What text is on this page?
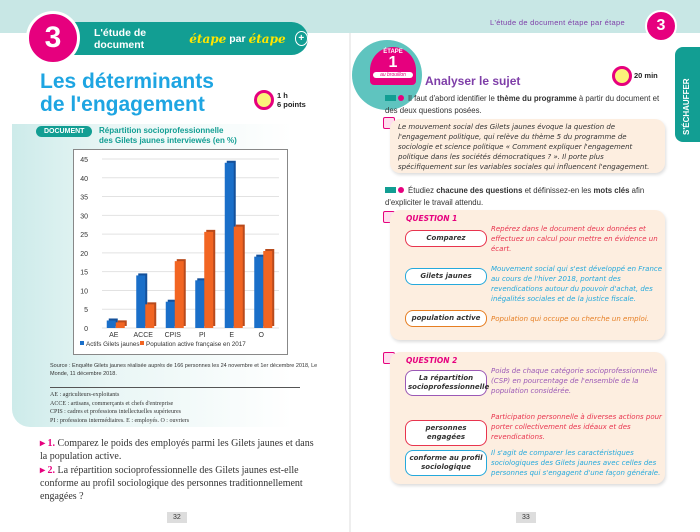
L'étude de document	étape par étape	+
3
Les déterminants
de l'engagement	1 h
6 points
DOCUMENT	Répartition socioprofessionnelle
des Gilets jaunes interviewés (en %)
0
5
10
15
20
25
30
35
40
45
AE ACCE CPIS	PI	E	O
Actifs Gilets jaunes Population active française en 2017
Source : Enquête Gilets jaunes réalisée auprès de 166 personnes les 24 novembre et 1er décembre 2018, Le Monde, 11 décembre 2018.
AE : agriculteurs-exploitants
ACCE : artisans, commerçants et chefs d'entreprise
CPIS : cadres et professions intellectuelles supérieures
PI : professions intermédiaires. E : employés. O : ouvriers
▸ 1. Comparez le poids des employés parmi les Gilets jaunes et dans la population active.
▸ 2. La répartition socioprofessionnelle des Gilets jaunes est-elle conforme au profil sociologique des personnes traditionnellement engagées ?
32
L'étude de document étape par étape	3
S'ÉCHAUFFER
ÉTAPE
1
au brouillon	Analyser le sujet	20 min
Il faut d'abord identifier le thème du programme à partir du document et des deux questions posées.
Le mouvement social des Gilets jaunes évoque la question de l'engagement politique, qui relève du thème 5 du programme de sociologie et science politique « Comment expliquer l'engagement politique dans les sociétés démocratiques ? ». Il porte plus spécifiquement sur les variables sociales qui influencent l'engagement.
Étudiez chacune des questions et définissez-en les mots clés afin d'expliciter le travail attendu.
QUESTION 1
Comparez
Repérez dans le document deux données et effectuez un calcul pour mettre en évidence un écart.
Gilets jaunes
Mouvement social qui s'est développé en France au cours de l'hiver 2018, portant des revendications autour du pouvoir d'achat, des inégalités sociales et de la justice fiscale.
population active	Population qui occupe ou cherche un emploi.
QUESTION 2
La répartition socioprofessionnelle
Poids de chaque catégorie socioprofessionnelle (CSP) en pourcentage de l'ensemble de la population considérée.
personnes engagées
Participation personnelle à diverses actions pour porter collectivement des idéaux et des revendications.
conforme au profil sociologique
Il s'agit de comparer les caractéristiques sociologiques des Gilets jaunes avec celles des personnes qui s'engagent d'une façon générale.
33
